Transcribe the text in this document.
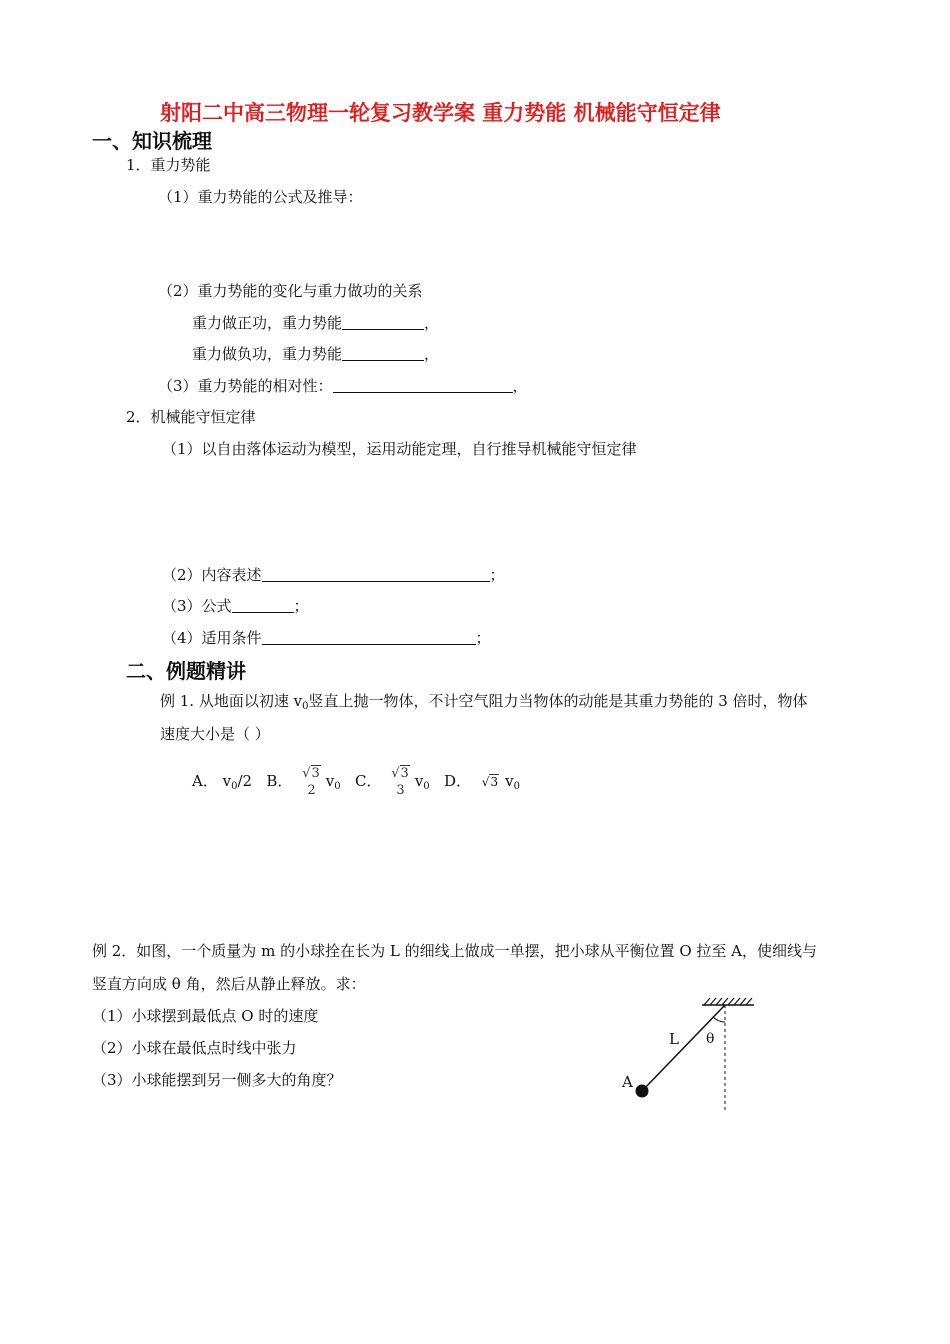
射阳二中高三物理一轮复习教学案 重力势能 机械能守恒定律
一、知识梳理
1．重力势能
（1）重力势能的公式及推导：
（2）重力势能的变化与重力做功的关系
重力做正功，重力势能	，
重力做负功，重力势能	，
（3）重力势能的相对性：	，
2．机械能守恒定律
（1）以自由落体运动为模型，运用动能定理，自行推导机械能守恒定律
（2）内容表述	；
（3）公式	；
（4）适用条件	；
二、例题精讲
例 1. 从地面以初速 $v_0$竖直上抛一物体，不计空气阻力当物体的动能是其重力势能的 3 倍时，物体
速度大小是（ ）
A． $v_0/2$ B． √3
2
$v_0$ C． √3
3
$v_0$ D． √3 $v_0$
例 2．如图，一个质量为 m 的小球拴在长为 L 的细线上做成一单摆，把小球从平衡位置 O 拉至 A，使细线与
竖直方向成 θ 角，然后从静止释放。求：
（1）小球摆到最低点 O 时的速度
（2）小球在最低点时线中张力
（3）小球能摆到另一侧多大的角度？
L θ
A
